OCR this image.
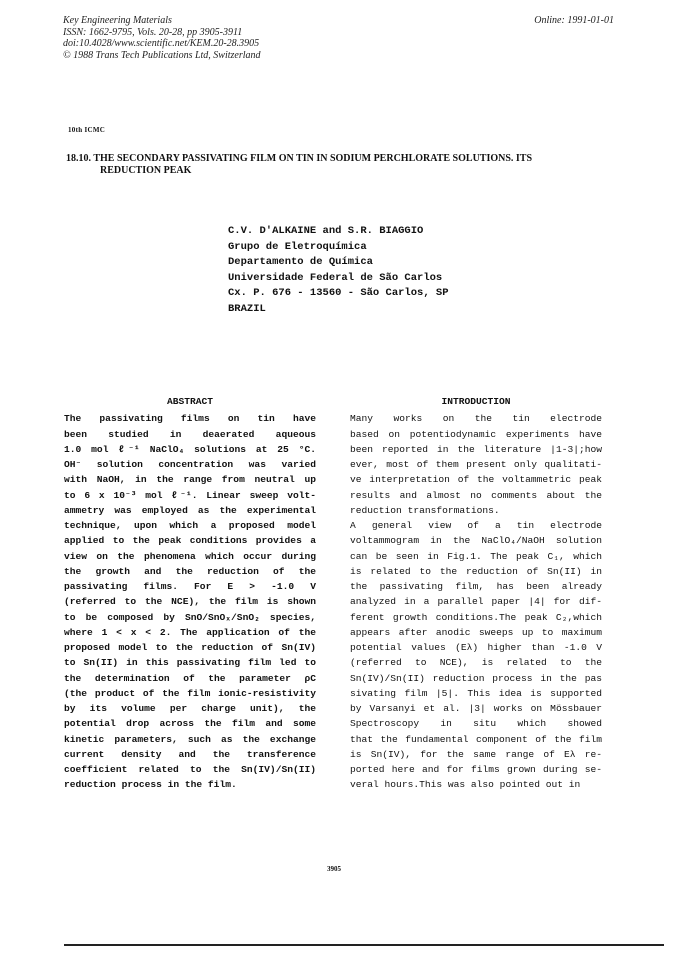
Key Engineering Materials
ISSN: 1662-9795, Vols. 20-28, pp 3905-3911
doi:10.4028/www.scientific.net/KEM.20-28.3905
© 1988 Trans Tech Publications Ltd, Switzerland
Online: 1991-01-01
10th ICMC
18.10. THE SECONDARY PASSIVATING FILM ON TIN IN SODIUM PERCHLORATE SOLUTIONS. ITS
REDUCTION PEAK
C.V. D'ALKAINE and S.R. BIAGGIO
Grupo de Eletroquímica
Departamento de Química
Universidade Federal de São Carlos
Cx. P. 676 - 13560 - São Carlos, SP
BRAZIL
ABSTRACT
The passivating films on tin have
been studied in deaerated aqueous
1.0 mol ℓ⁻¹ NaClO₄ solutions at 25 °C.
OH⁻ solution concentration was varied
with NaOH, in the range from neutral up
to 6 x 10⁻³ mol ℓ⁻¹. Linear sweep volt-
ammetry was employed as the experimental
technique, upon which a proposed model
applied to the peak conditions provides a
view on the phenomena which occur during
the growth and the reduction of the
passivating films. For E > -1.0 V
(referred to the NCE), the film is shown
to be composed by SnO/SnOₓ/SnO₂ species,
where 1 < x < 2. The application of the
proposed model to the reduction of Sn(IV)
to Sn(II) in this passivating film led to
the determination of the parameter ρC
(the product of the film ionic-resistivity
by its volume per charge unit), the
potential drop across the film and some
kinetic parameters, such as the exchange
current density and the transference
coefficient related to the Sn(IV)/Sn(II)
reduction process in the film.
INTRODUCTION
Many works on the tin electrode
based on potentiodynamic experiments have
been reported in the literature |1-3|;how
ever, most of them present only qualitati-
ve interpretation of the voltammetric peak
results and almost no comments about the
reduction transformations.
A general view of a tin electrode
voltammogram in the NaClO₄/NaOH solution
can be seen in Fig.1. The peak C₁, which
is related to the reduction of Sn(II) in
the passivating film, has been already
analyzed in a parallel paper |4| for dif-
ferent growth conditions.The peak C₂,which
appears after anodic sweeps up to maximum
potential values (Eλ) higher than -1.0 V
(referred to NCE), is related to the
Sn(IV)/Sn(II) reduction process in the pas
sivating film |5|. This idea is supported
by Varsanyi et al. |3| works on Mössbauer
Spectroscopy in situ which showed
that the fundamental component of the film
is Sn(IV), for the same range of Eλ re-
ported here and for films grown during se-
veral hours.This was also pointed out in
3905
